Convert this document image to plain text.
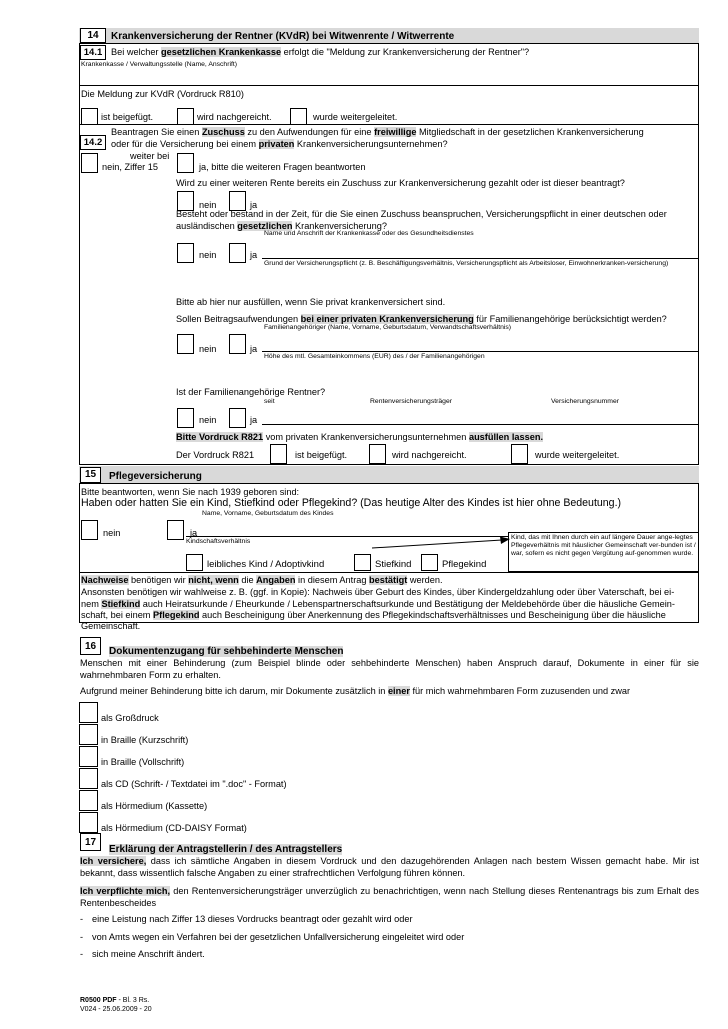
14	Krankenversicherung der Rentner (KVdR) bei Witwenrente / Witwerrente
14.1 Bei welcher gesetzlichen Krankenkasse erfolgt die "Meldung zur Krankenversicherung der Rentner"?
Krankenkasse / Verwaltungsstelle (Name, Anschrift)
Die Meldung zur KVdR (Vordruck R810)
ist beigefügt.	wird nachgereicht.	wurde weitergeleitet.
Beantragen Sie einen Zuschuss zu den Aufwendungen für eine freiwillige Mitgliedschaft in der gesetzlichen Krankenversicherung
14.2 oder für die Versicherung bei einem privaten Krankenversicherungsunternehmen?
weiter bei
nein, Ziffer 15	ja, bitte die weiteren Fragen beantworten
Wird zu einer weiteren Rente bereits ein Zuschuss zur Krankenversicherung gezahlt oder ist dieser beantragt?
nein	ja
Besteht oder bestand in der Zeit, für die Sie einen Zuschuss beanspruchen, Versicherungspflicht in einer deutschen oder
ausländischen gesetzlichen Krankenversicherung?
Name und Anschrift der Krankenkasse oder des Gesundheitsdienstes
nein	ja
Grund der Versicherungspflicht (z. B. Beschäftigungsverhältnis, Versicherungspflicht als Arbeitsloser, Einwohnerkranken-versicherung)
Bitte ab hier nur ausfüllen, wenn Sie privat krankenversichert sind.
Sollen Beitragsaufwendungen bei einer privaten Krankenversicherung für Familienangehörige berücksichtigt werden?
Familienangehöriger (Name, Vorname, Geburtsdatum, Verwandtschaftsverhältnis)
nein	ja
Höhe des mtl. Gesamteinkommens (EUR) des / der Familienangehörigen
Ist der Familienangehörige Rentner?
seit	Rentenversicherungsträger	Versicherungsnummer
nein	ja
Bitte Vordruck R821 vom privaten Krankenversicherungsunternehmen ausfüllen lassen.
Der Vordruck R821	ist beigefügt.	wird nachgereicht.	wurde weitergeleitet.
15	Pflegeversicherung
Bitte beantworten, wenn Sie nach 1939 geboren sind:
Haben oder hatten Sie ein Kind, Stiefkind oder Pflegekind? (Das heutige Alter des Kindes ist hier ohne Bedeutung.)
Name, Vorname, Geburtsdatum des Kindes
nein	ja
Kindschaftsverhältnis
leibliches Kind / Adoptivkind	Stiefkind	Pflegekind
Kind, das mit Ihnen durch ein auf längere Dauer ange-legtes Pflegeverhältnis mit häuslicher Gemeinschaft ver-bunden ist / war, sofern es nicht gegen Vergütung auf-genommen wurde.
Nachweise benötigen wir nicht, wenn die Angaben in diesem Antrag bestätigt werden.
Ansonsten benötigen wir wahlweise z. B. (ggf. in Kopie): Nachweis über Geburt des Kindes, über Kindergeldzahlung oder über Vaterschaft, bei ei-
nem Stiefkind auch Heiratsurkunde / Eheurkunde / Lebenspartnerschaftsurkunde und Bestätigung der Meldebehörde über die häusliche Gemein-
schaft, bei einem Pflegekind auch Bescheinigung über Anerkennung des Pflegekindschaftsverhältnisses und Bescheinigung über die häusliche
Gemeinschaft.
16	Dokumentenzugang für sehbehinderte Menschen
Menschen mit einer Behinderung (zum Beispiel blinde oder sehbehinderte Menschen) haben Anspruch darauf, Dokumente in einer für sie wahrnehmbaren Form zu erhalten.
Aufgrund meiner Behinderung bitte ich darum, mir Dokumente zusätzlich in einer für mich wahrnehmbaren Form zuzusenden und zwar
als Großdruck
in Braille (Kurzschrift)
in Braille (Vollschrift)
als CD (Schrift- / Textdatei im ".doc" - Format)
als Hörmedium (Kassette)
als Hörmedium (CD-DAISY Format)
17
Erklärung der Antragstellerin / des Antragstellers
Ich versichere, dass ich sämtliche Angaben in diesem Vordruck und den dazugehörenden Anlagen nach bestem Wissen gemacht habe. Mir ist bekannt, dass wissentlich falsche Angaben zu einer strafrechtlichen Verfolgung führen können.
Ich verpflichte mich, den Rentenversicherungsträger unverzüglich zu benachrichtigen, wenn nach Stellung dieses Rentenantrags bis zum Erhalt des Rentenbescheides
- eine Leistung nach Ziffer 13 dieses Vordrucks beantragt oder gezahlt wird oder
- von Amts wegen ein Verfahren bei der gesetzlichen Unfallversicherung eingeleitet wird oder
- sich meine Anschrift ändert.
R0500 PDF - Bl. 3 Rs.
V024 - 25.06.2009 - 20
